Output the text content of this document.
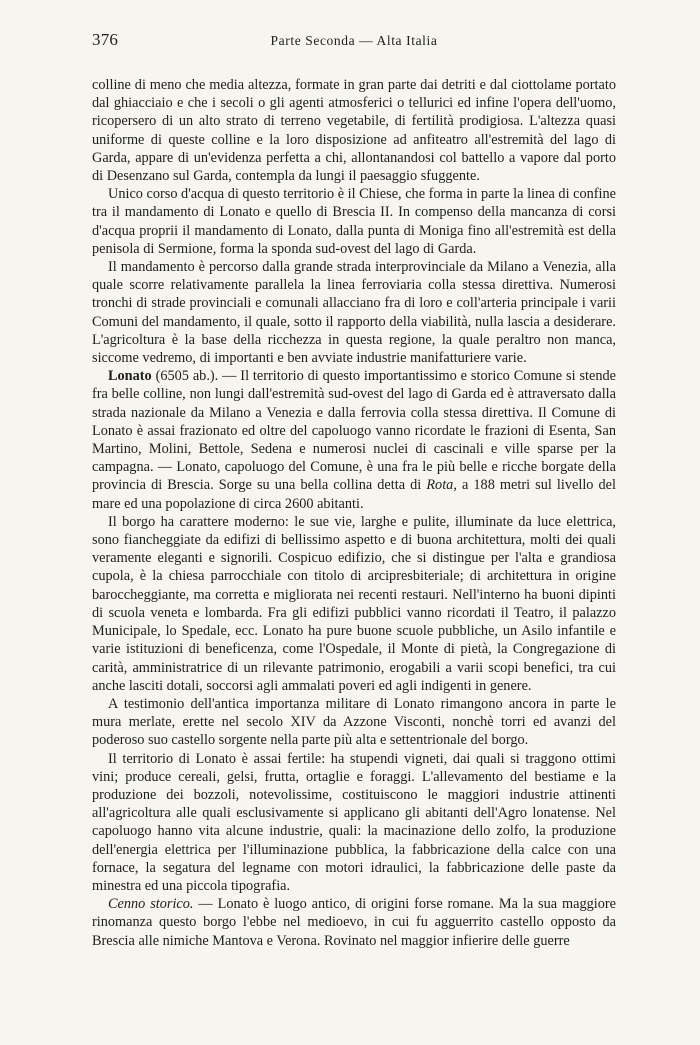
376	Parte Seconda — Alta Italia

colline di meno che media altezza, formate in gran parte dai detriti e dal ciottolame portato dal ghiacciaio e che i secoli o gli agenti atmosferici o tellurici ed infine l'opera dell'uomo, ricopersero di un alto strato di terreno vegetabile, di fertilità prodigiosa. L'altezza quasi uniforme di queste colline e la loro disposizione ad anfiteatro all'estremità del lago di Garda, appare di un'evidenza perfetta a chi, allontanandosi col battello a vapore dal porto di Desenzano sul Garda, contempla da lungi il paesaggio sfuggente.

Unico corso d'acqua di questo territorio è il Chiese, che forma in parte la linea di confine tra il mandamento di Lonato e quello di Brescia II. In compenso della mancanza di corsi d'acqua proprii il mandamento di Lonato, dalla punta di Moniga fino all'estremità est della penisola di Sermione, forma la sponda sud-ovest del lago di Garda.

Il mandamento è percorso dalla grande strada interprovinciale da Milano a Venezia, alla quale scorre relativamente parallela la linea ferroviaria colla stessa direttiva. Numerosi tronchi di strade provinciali e comunali allacciano fra di loro e coll'arteria principale i varii Comuni del mandamento, il quale, sotto il rapporto della viabilità, nulla lascia a desiderare. L'agricoltura è la base della ricchezza in questa regione, la quale peraltro non manca, siccome vedremo, di importanti e ben avviate industrie manifatturiere varie.

Lonato (6505 ab.). — Il territorio di questo importantissimo e storico Comune si stende fra belle colline, non lungi dall'estremità sud-ovest del lago di Garda ed è attraversato dalla strada nazionale da Milano a Venezia e dalla ferrovia colla stessa direttiva. Il Comune di Lonato è assai frazionato ed oltre del capoluogo vanno ricordate le frazioni di Esenta, San Martino, Molini, Bettole, Sedena e numerosi nuclei di cascinali e ville sparse per la campagna. — Lonato, capoluogo del Comune, è una fra le più belle e ricche borgate della provincia di Brescia. Sorge su una bella collina detta di Rota, a 188 metri sul livello del mare ed una popolazione di circa 2600 abitanti.

Il borgo ha carattere moderno: le sue vie, larghe e pulite, illuminate da luce elettrica, sono fiancheggiate da edifizi di bellissimo aspetto e di buona architettura, molti dei quali veramente eleganti e signorili. Cospicuo edifizio, che si distingue per l'alta e grandiosa cupola, è la chiesa parrocchiale con titolo di arcipresbiteriale; di architettura in origine baroccheggiante, ma corretta e migliorata nei recenti restauri. Nell'interno ha buoni dipinti di scuola veneta e lombarda. Fra gli edifizi pubblici vanno ricordati il Teatro, il palazzo Municipale, lo Spedale, ecc. Lonato ha pure buone scuole pubbliche, un Asilo infantile e varie istituzioni di beneficenza, come l'Ospedale, il Monte di pietà, la Congregazione di carità, amministratrice di un rilevante patrimonio, erogabili a varii scopi benefici, tra cui anche lasciti dotali, soccorsi agli ammalati poveri ed agli indigenti in genere.

A testimonio dell'antica importanza militare di Lonato rimangono ancora in parte le mura merlate, erette nel secolo XIV da Azzone Visconti, nonchè torri ed avanzi del poderoso suo castello sorgente nella parte più alta e settentrionale del borgo.

Il territorio di Lonato è assai fertile: ha stupendi vigneti, dai quali si traggono ottimi vini; produce cereali, gelsi, frutta, ortaglie e foraggi. L'allevamento del bestiame e la produzione dei bozzoli, notevolissime, costituiscono le maggiori industrie attinenti all'agricoltura alle quali esclusivamente si applicano gli abitanti dell'Agro lonatense. Nel capoluogo hanno vita alcune industrie, quali: la macinazione dello zolfo, la produzione dell'energia elettrica per l'illuminazione pubblica, la fabbricazione della calce con una fornace, la segatura del legname con motori idraulici, la fabbricazione delle paste da minestra ed una piccola tipografia.

Cenno storico. — Lonato è luogo antico, di origini forse romane. Ma la sua maggiore rinomanza questo borgo l'ebbe nel medioevo, in cui fu agguerrito castello opposto da Brescia alle nimiche Mantova e Verona. Rovinato nel maggior infierire delle guerre
